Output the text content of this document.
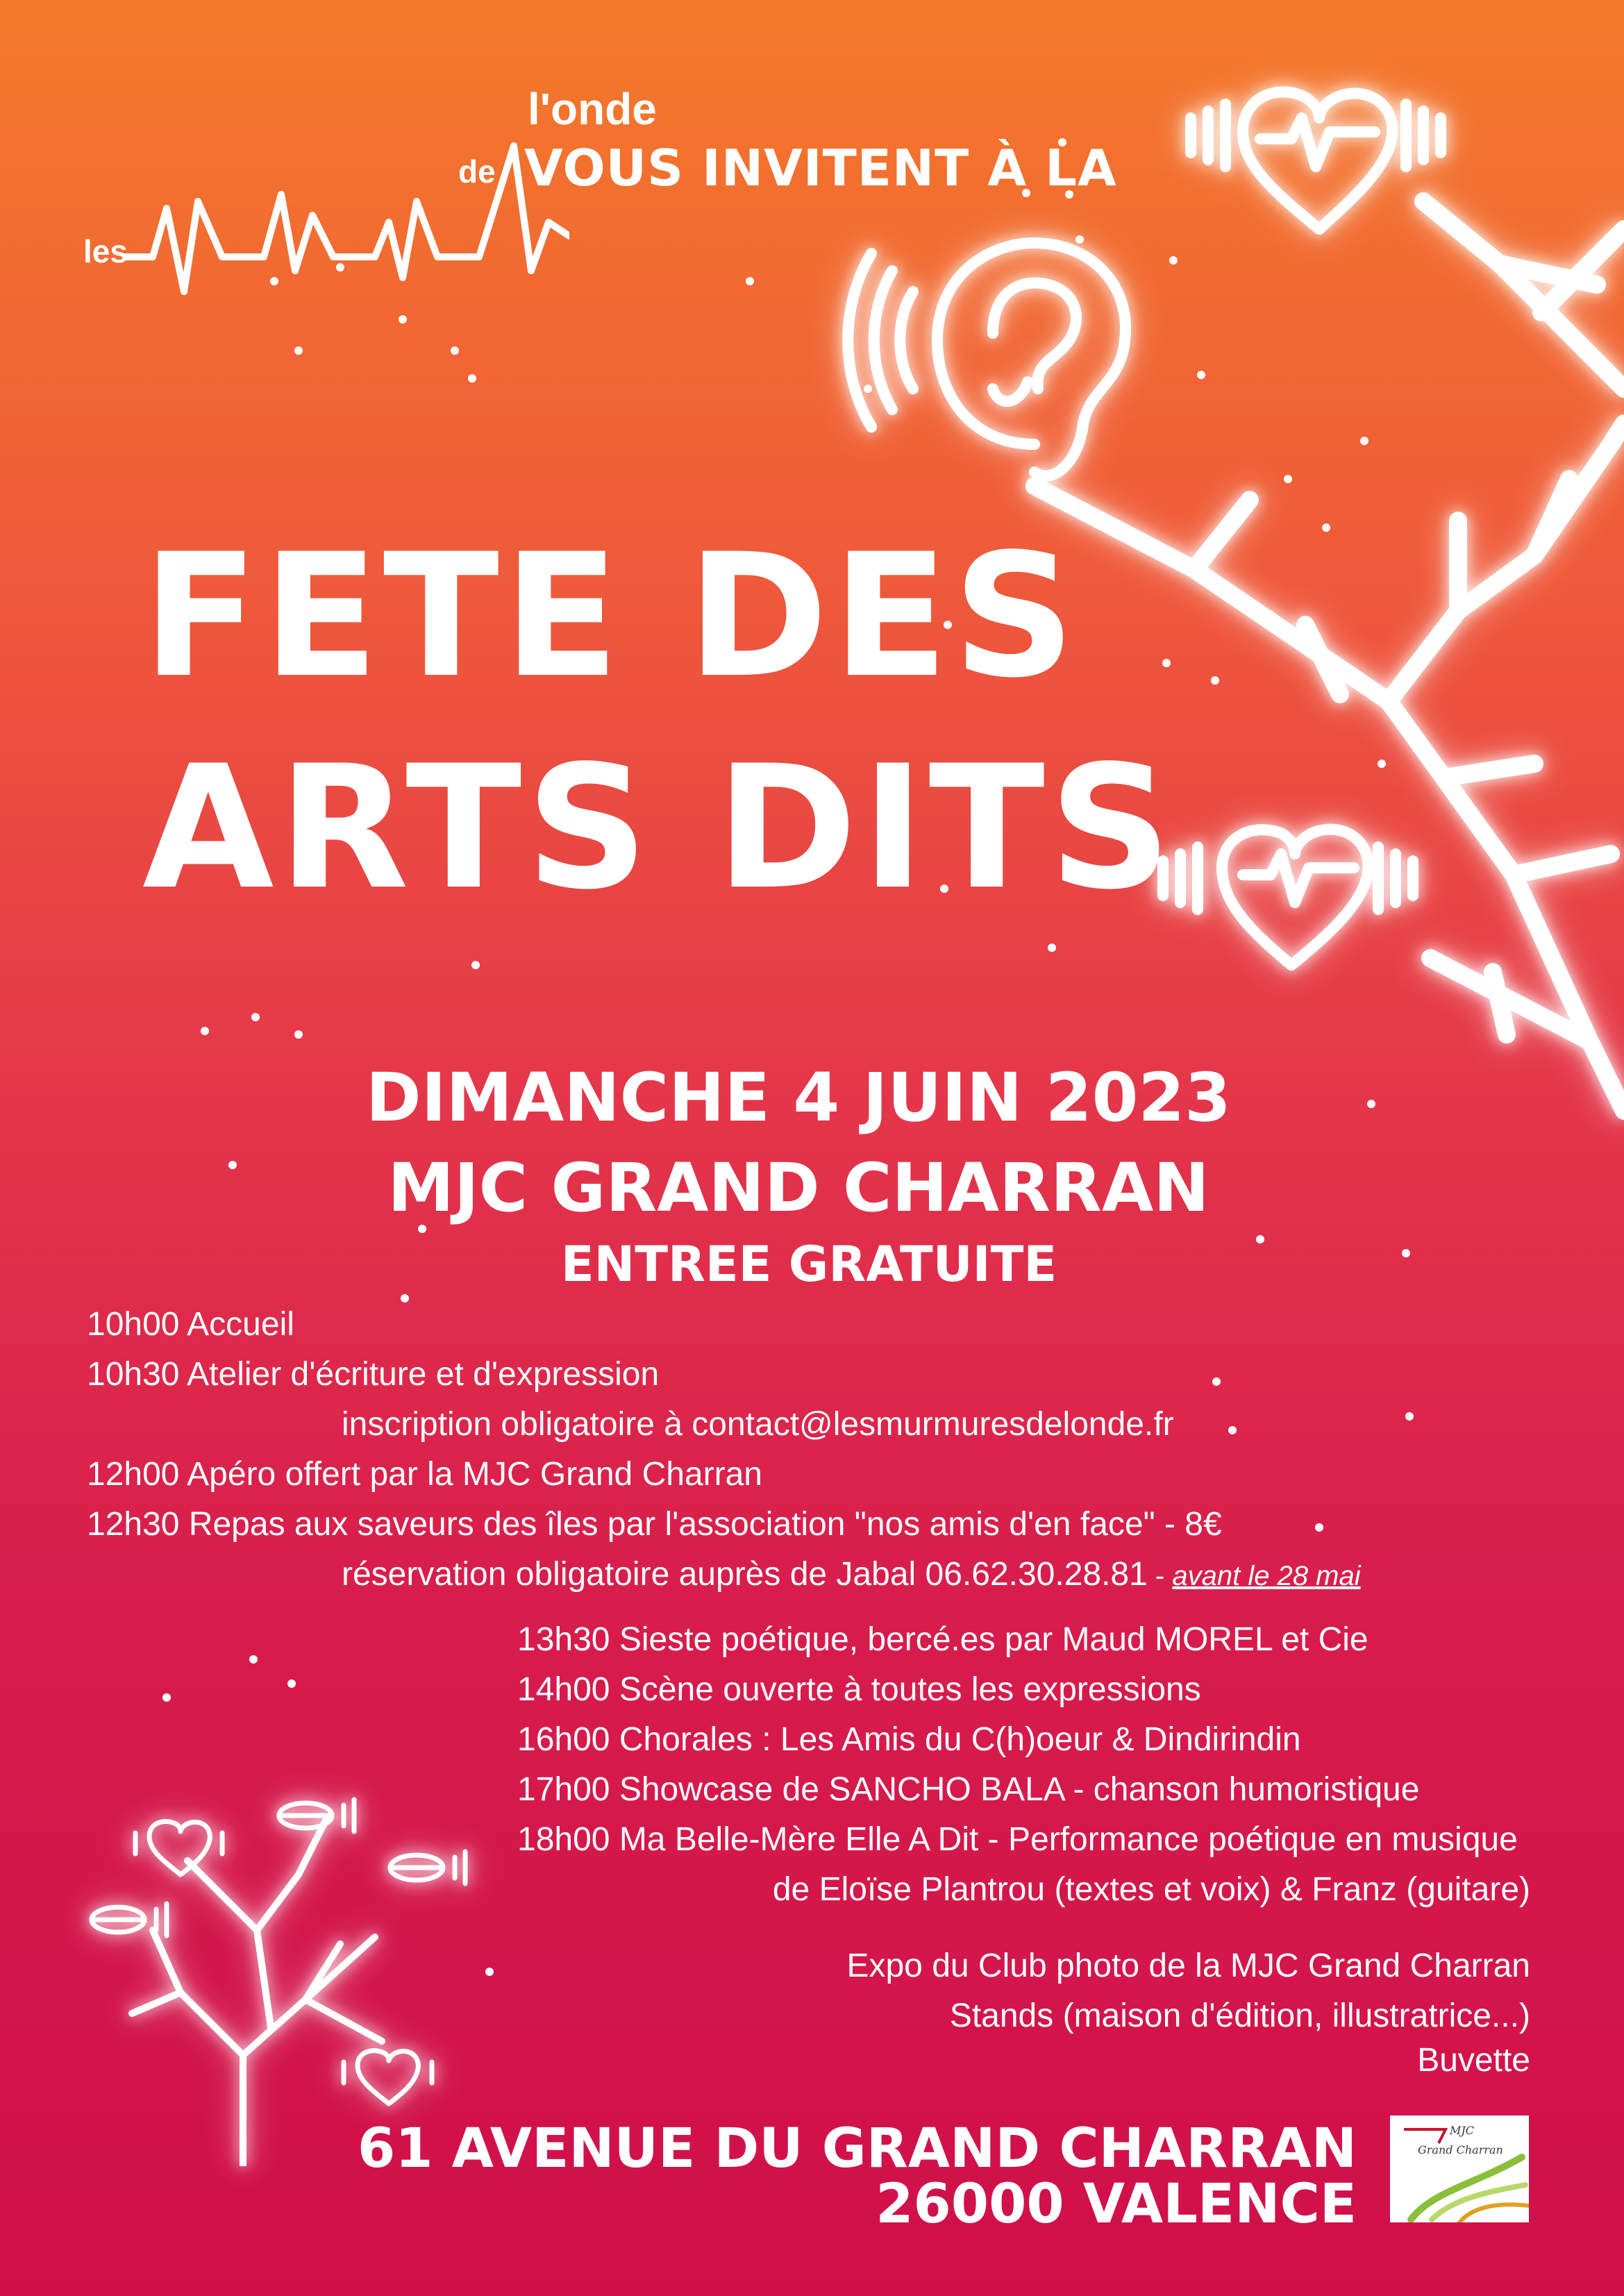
les
de
l'onde
VOUS INVITENT À LA
FETE DES
ARTS DITS
DIMANCHE 4 JUIN 2023
MJC GRAND CHARRAN
ENTREE GRATUITE
10h00 Accueil
10h30 Atelier d'écriture et d'expression
inscription obligatoire à contact@lesmurmuresdelonde.fr
12h00 Apéro offert par la MJC Grand Charran
12h30 Repas aux saveurs des îles par l'association "nos amis d'en face" - 8€
réservation obligatoire auprès de Jabal 06.62.30.28.81 - avant le 28 mai
13h30 Sieste poétique, bercé.es par Maud MOREL et Cie
14h00 Scène ouverte à toutes les expressions
16h00 Chorales : Les Amis du C(h)oeur & Dindirindin
17h00 Showcase de SANCHO BALA - chanson humoristique
18h00 Ma Belle-Mère Elle A Dit - Performance poétique en musique
de Eloïse Plantrou (textes et voix) & Franz (guitare)
Expo du Club photo de la MJC Grand Charran
Stands (maison d'édition, illustratrice...)
Buvette
61 AVENUE DU GRAND CHARRAN
26000 VALENCE
MJC
Grand Charran
